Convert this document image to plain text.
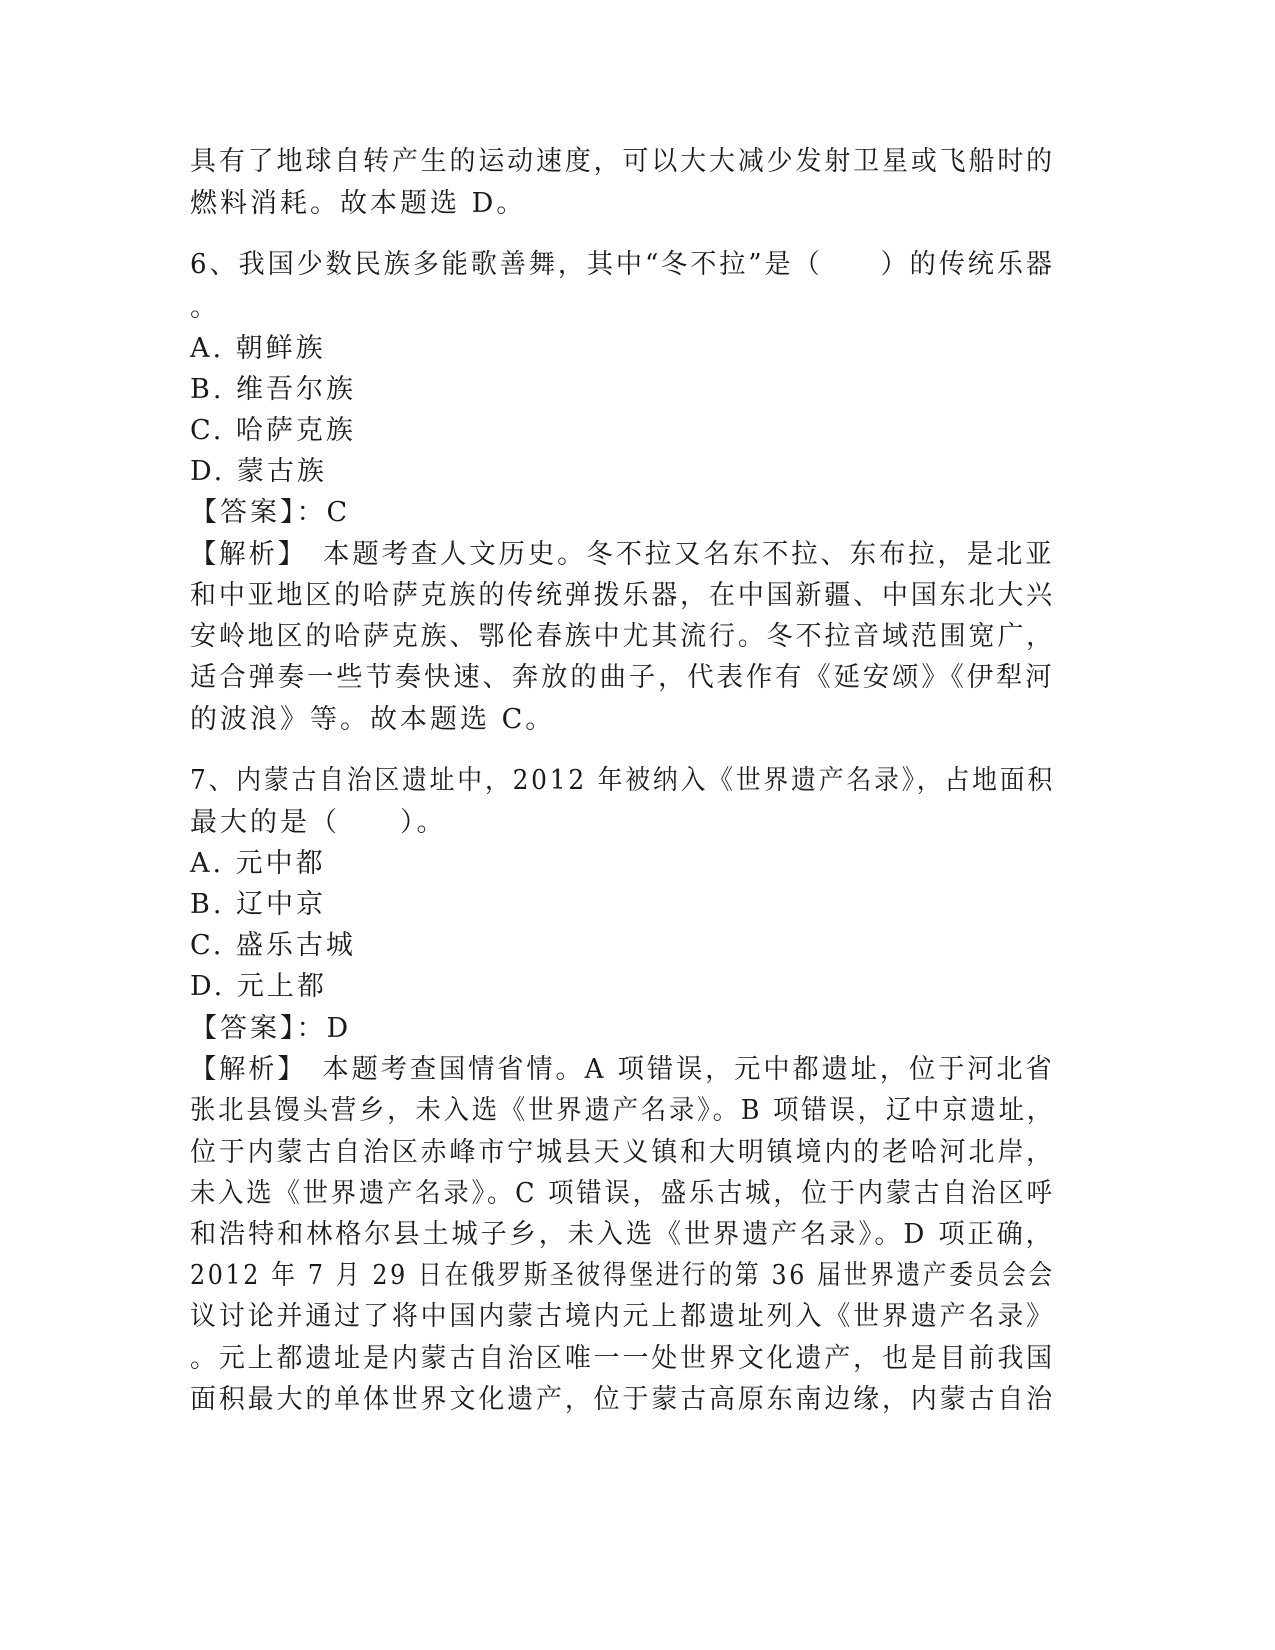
具有了地球自转产生的运动速度，可以大大减少发射卫星或飞船时的
燃料消耗。故本题选 D。
6、我国少数民族多能歌善舞，其中“冬不拉”是（　　）的传统乐器
。
A. 朝鲜族
B. 维吾尔族
C. 哈萨克族
D. 蒙古族
【答案】：C
【解析】　本题考查人文历史。冬不拉又名东不拉、东布拉，是北亚
和中亚地区的哈萨克族的传统弹拨乐器，在中国新疆、中国东北大兴
安岭地区的哈萨克族、鄂伦春族中尤其流行。冬不拉音域范围宽广，
适合弹奏一些节奏快速、奔放的曲子，代表作有《延安颂》《伊犁河
的波浪》等。故本题选 C。
7、内蒙古自治区遗址中，2012 年被纳入《世界遗产名录》，占地面积
最大的是（　　）。
A. 元中都
B. 辽中京
C. 盛乐古城
D. 元上都
【答案】：D
【解析】　本题考查国情省情。A 项错误，元中都遗址，位于河北省
张北县馒头营乡，未入选《世界遗产名录》。B 项错误，辽中京遗址，
位于内蒙古自治区赤峰市宁城县天义镇和大明镇境内的老哈河北岸，
未入选《世界遗产名录》。C 项错误，盛乐古城，位于内蒙古自治区呼
和浩特和林格尔县土城子乡，未入选《世界遗产名录》。D 项正确，
2012 年 7 月 29 日在俄罗斯圣彼得堡进行的第 36 届世界遗产委员会会
议讨论并通过了将中国内蒙古境内元上都遗址列入《世界遗产名录》
。元上都遗址是内蒙古自治区唯一一处世界文化遗产，也是目前我国
面积最大的单体世界文化遗产，位于蒙古高原东南边缘，内蒙古自治
